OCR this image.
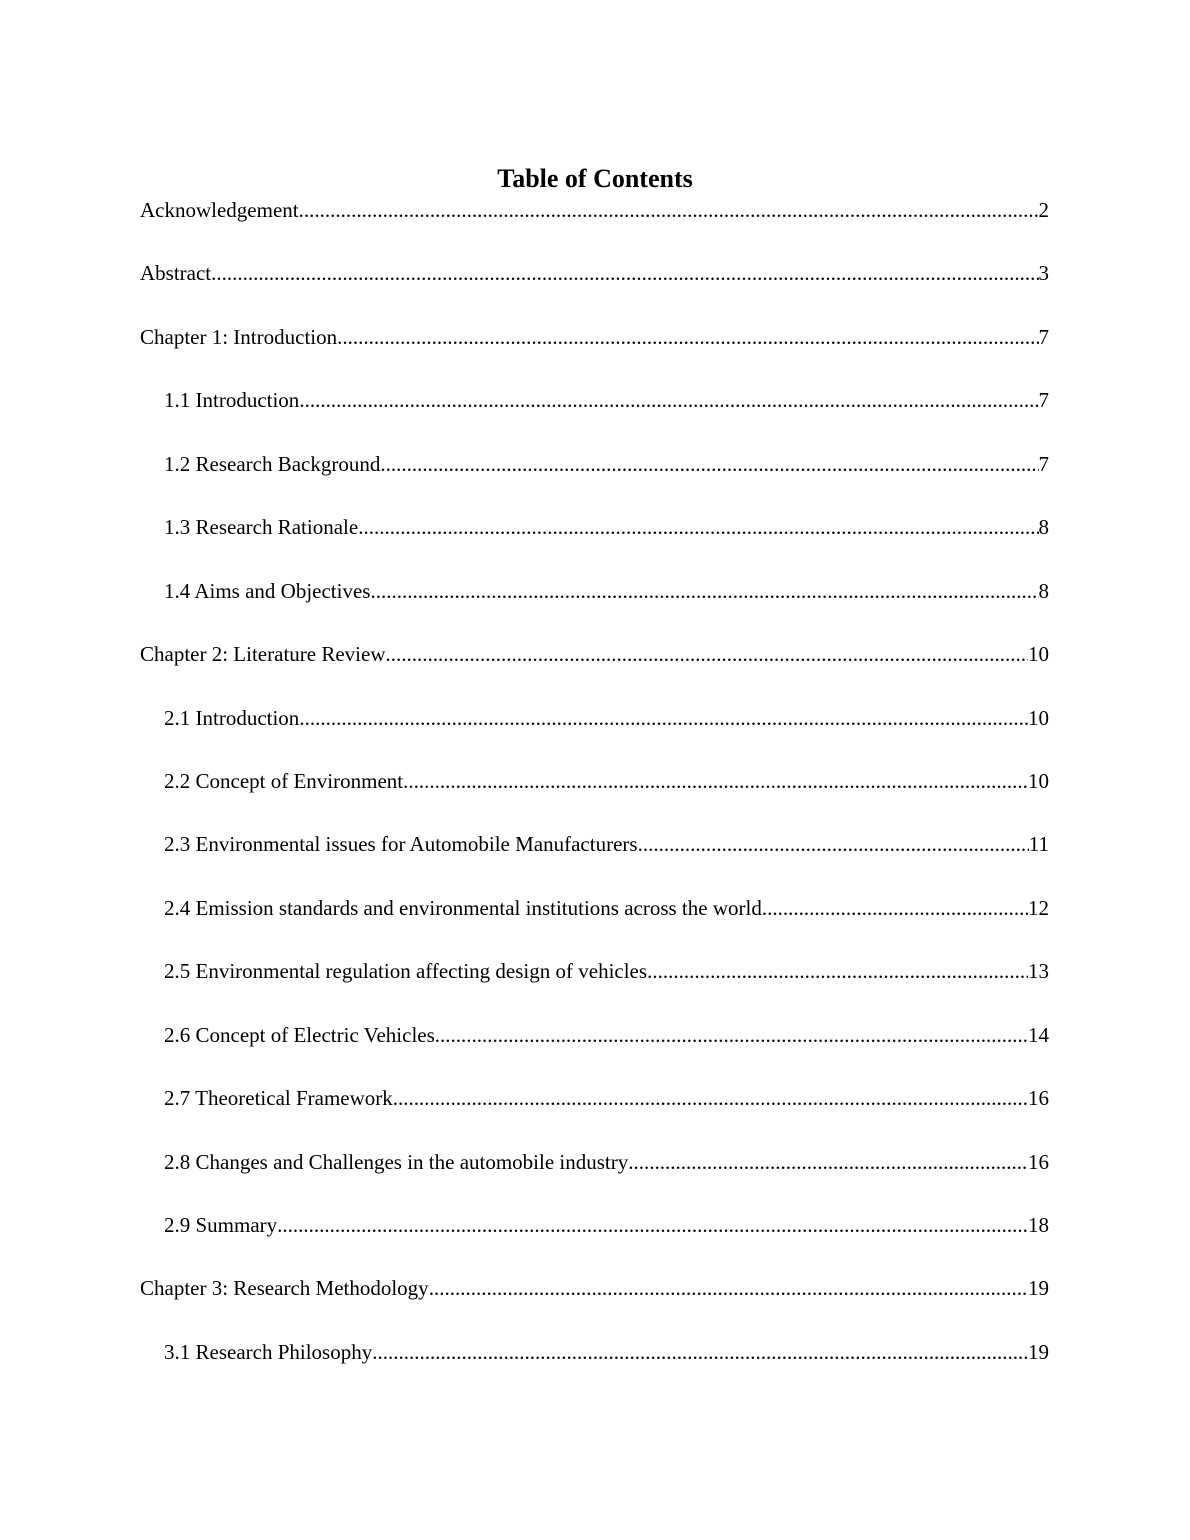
Table of Contents
Acknowledgement .....	2
Abstract .....	3
Chapter 1: Introduction .....	7
1.1 Introduction .....	7
1.2 Research Background .....	7
1.3 Research Rationale .....	8
1.4 Aims and Objectives .....	8
Chapter 2: Literature Review .....	10
2.1 Introduction .....	10
2.2 Concept of Environment .....	10
2.3 Environmental issues for Automobile Manufacturers .....	11
2.4 Emission standards and environmental institutions across the world .....	12
2.5 Environmental regulation affecting design of vehicles .....	13
2.6 Concept of Electric Vehicles .....	14
2.7 Theoretical Framework .....	16
2.8 Changes and Challenges in the automobile industry .....	16
2.9 Summary .....	18
Chapter 3: Research Methodology .....	19
3.1 Research Philosophy .....	19
